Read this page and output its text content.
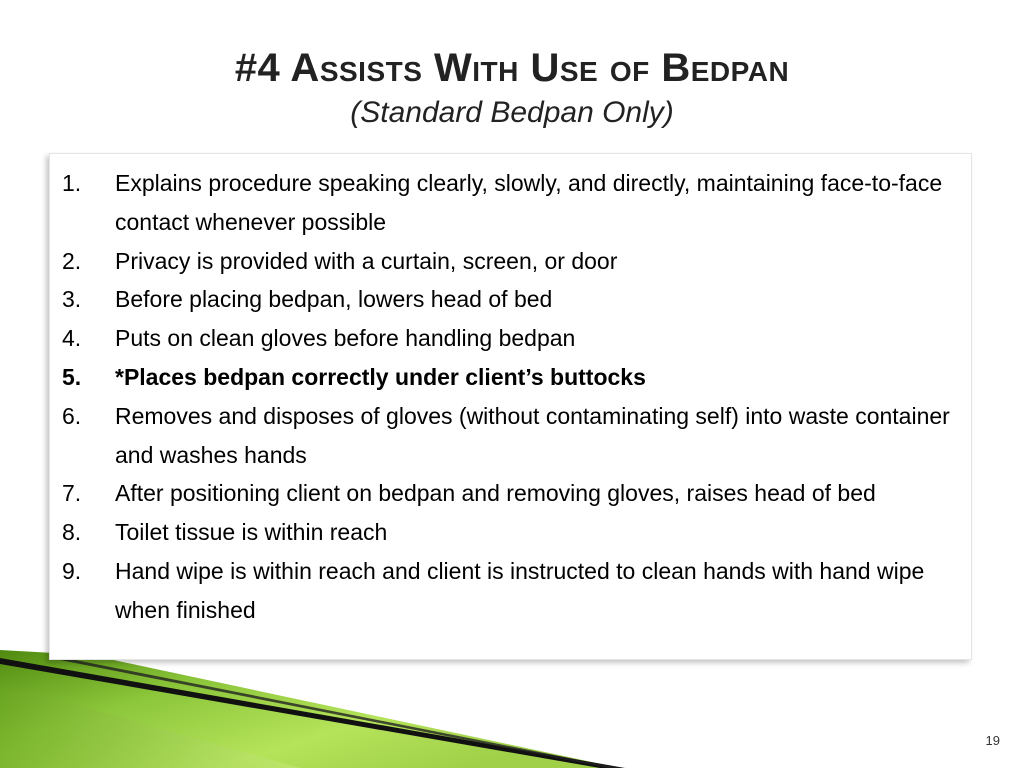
#4 Assists With Use of Bedpan

(Standard Bedpan Only)

1.	Explains procedure speaking clearly, slowly, and directly, maintaining face-to-face contact whenever possible
2.	Privacy is provided with a curtain, screen, or door
3.	Before placing bedpan, lowers head of bed
4.	Puts on clean gloves before handling bedpan
5.	*Places bedpan correctly under client’s buttocks
6.	Removes and disposes of gloves (without contaminating self) into waste container and washes hands
7.	After positioning client on bedpan and removing gloves, raises head of bed
8.	Toilet tissue is within reach
9.	Hand wipe is within reach and client is instructed to clean hands with hand wipe when finished
19
